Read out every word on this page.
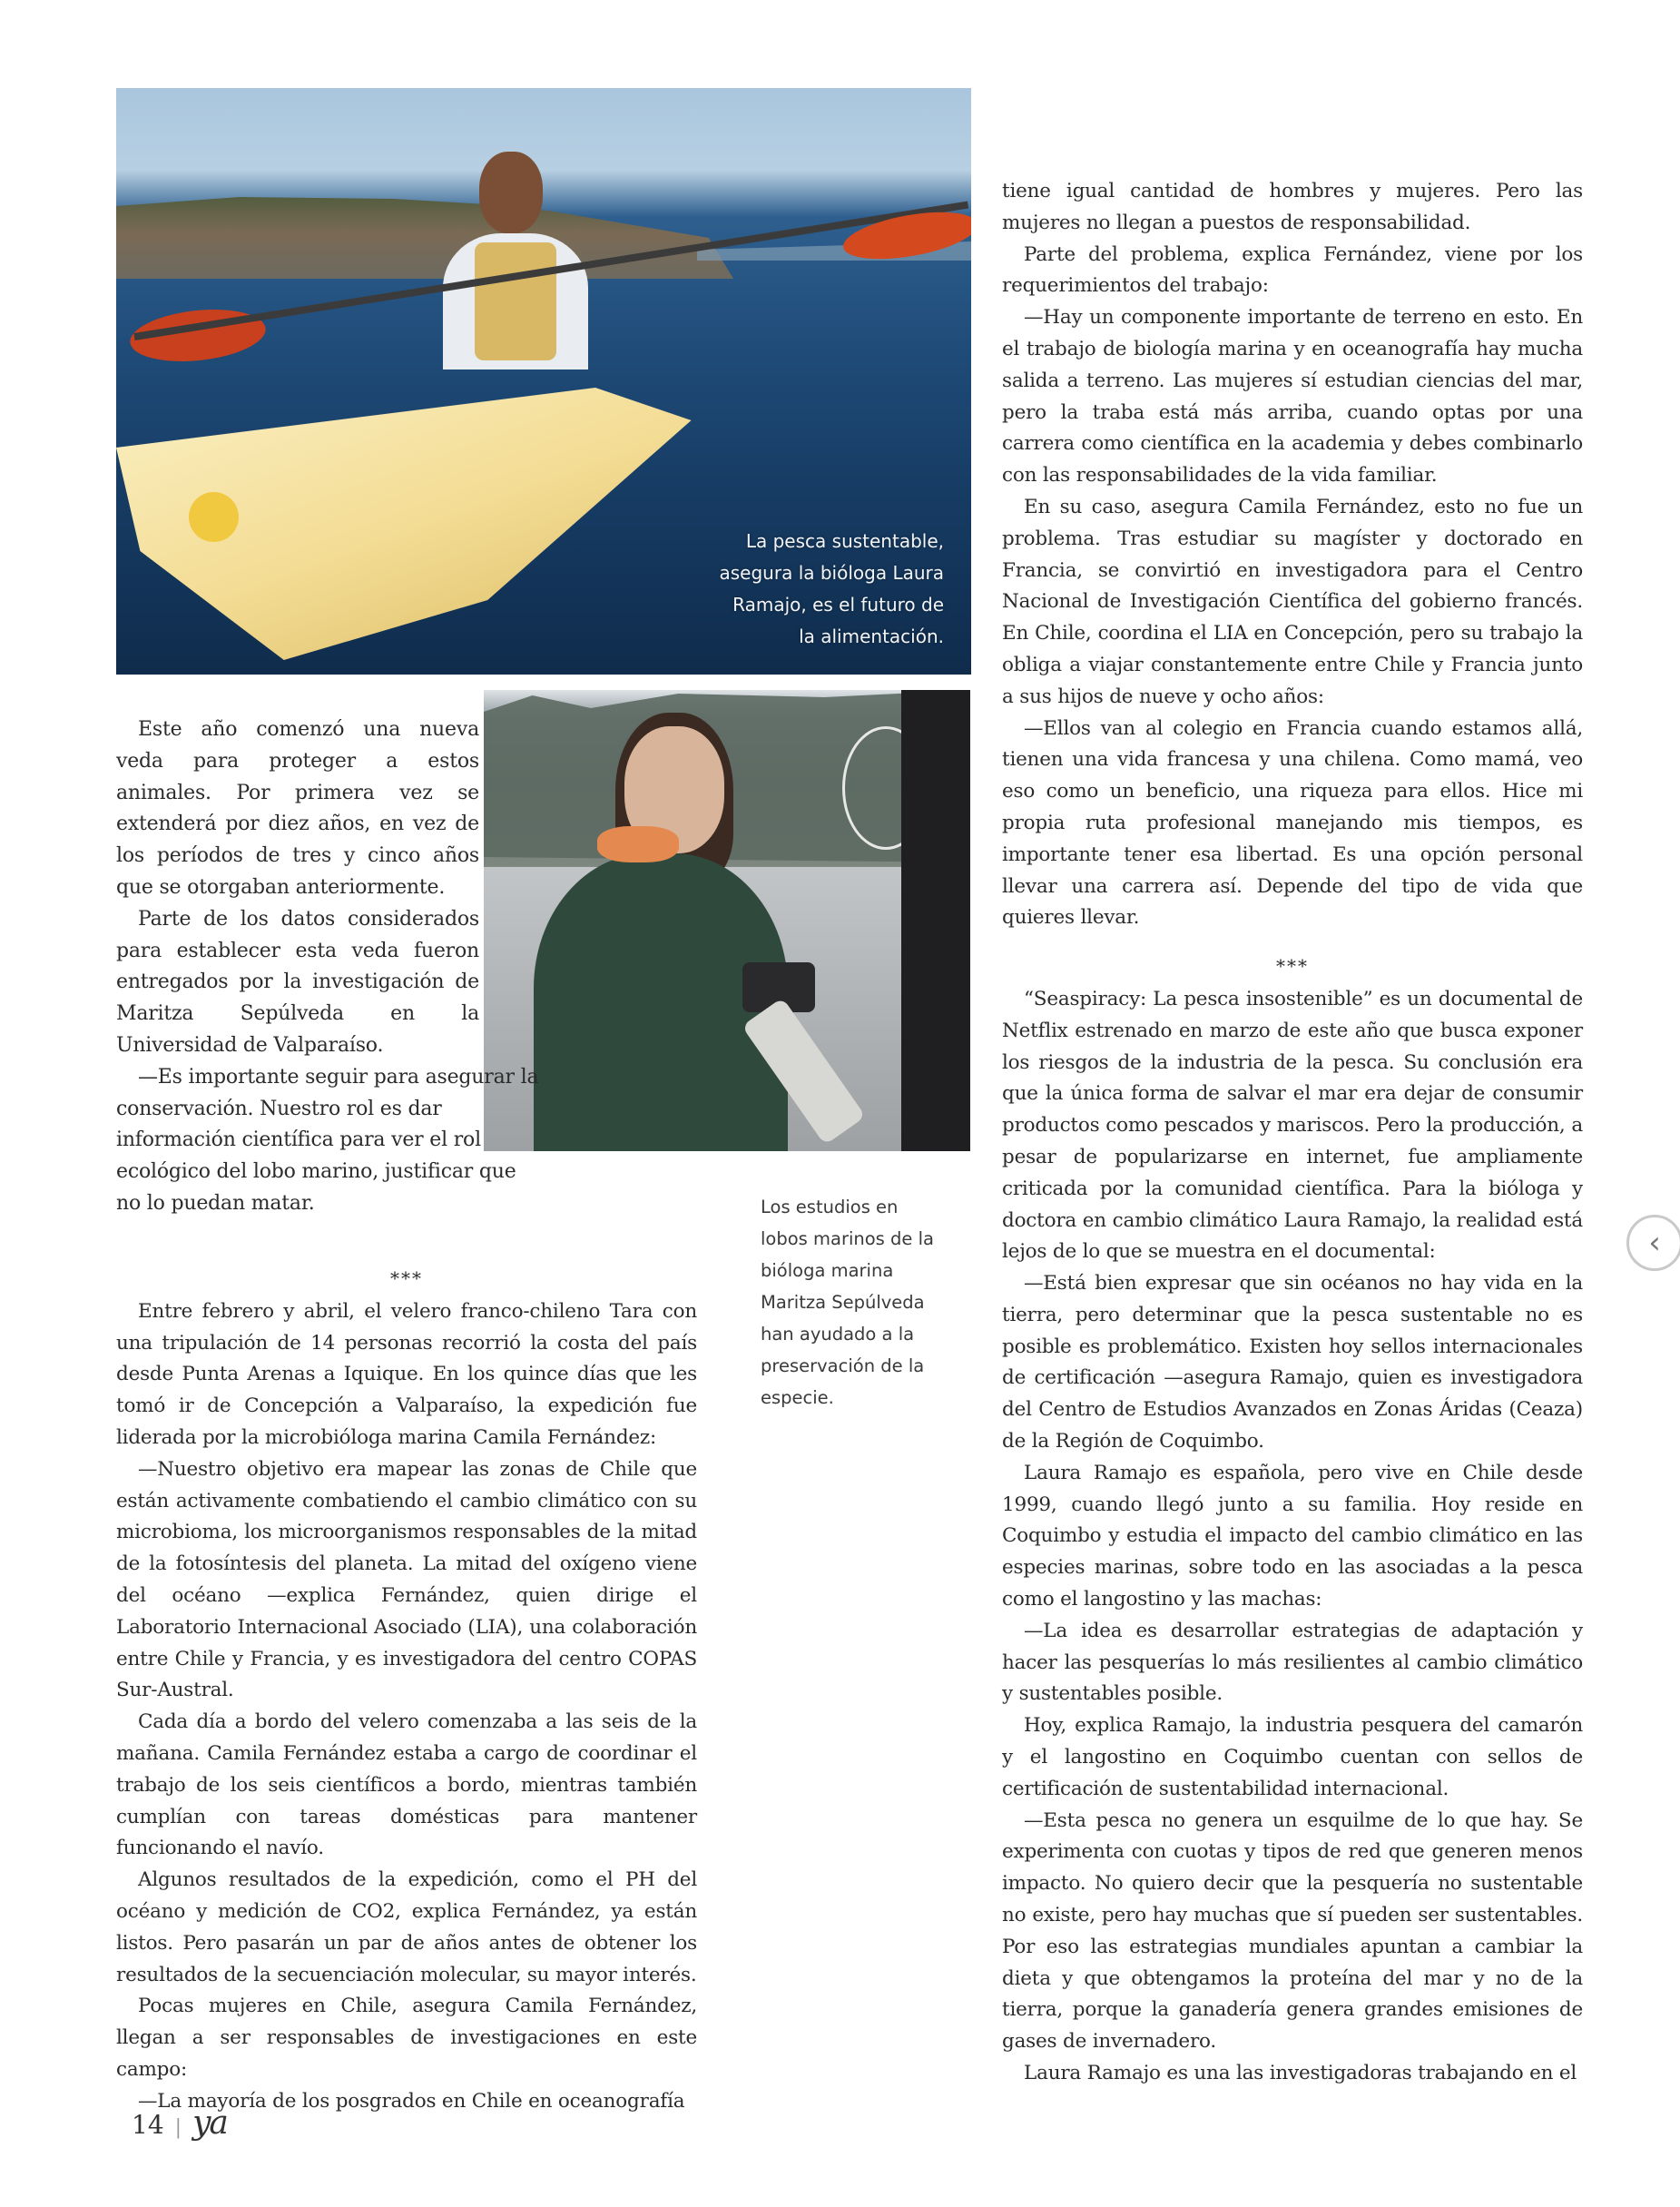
La pesca sustentable,
asegura la bióloga Laura
Ramajo, es el futuro de
la alimentación.
Los estudios en
lobos marinos de la
bióloga marina
Maritza Sepúlveda
han ayudado a la
preservación de la
especie.

Este año comenzó una nueva veda para proteger a estos animales. Por primera vez se extenderá por diez años, en vez de los períodos de tres y cinco años que se otorgaban anteriormente.

Parte de los datos considerados para establecer esta veda fueron entregados por la investigación de Maritza Sepúlveda en la Universidad de Valparaíso.

—Es importante seguir para asegurar la conservación. Nuestro rol es dar información científica para ver el rol ecológico del lobo marino, justificar que no lo puedan matar.

***

Entre febrero y abril, el velero franco-chileno Tara con una tripulación de 14 personas recorrió la costa del país desde Punta Arenas a Iquique. En los quince días que les tomó ir de Concepción a Valparaíso, la expedición fue liderada por la microbióloga marina Camila Fernández:

—Nuestro objetivo era mapear las zonas de Chile que están activamente combatiendo el cambio climático con su microbioma, los microorganismos responsables de la mitad de la fotosíntesis del planeta. La mitad del oxígeno viene del océano —explica Fernández, quien dirige el Laboratorio Internacional Asociado (LIA), una colaboración entre Chile y Francia, y es investigadora del centro COPAS Sur-Austral.

Cada día a bordo del velero comenzaba a las seis de la mañana. Camila Fernández estaba a cargo de coordinar el trabajo de los seis científicos a bordo, mientras también cumplían con tareas domésticas para mantener funcionando el navío.

Algunos resultados de la expedición, como el PH del océano y medición de CO2, explica Fernández, ya están listos. Pero pasarán un par de años antes de obtener los resultados de la secuenciación molecular, su mayor interés.

Pocas mujeres en Chile, asegura Camila Fernández, llegan a ser responsables de investigaciones en este campo:

—La mayoría de los posgrados en Chile en oceanografía

tiene igual cantidad de hombres y mujeres. Pero las mujeres no llegan a puestos de responsabilidad.

Parte del problema, explica Fernández, viene por los requerimientos del trabajo:

—Hay un componente importante de terreno en esto. En el trabajo de biología marina y en oceanografía hay mucha salida a terreno. Las mujeres sí estudian ciencias del mar, pero la traba está más arriba, cuando optas por una carrera como científica en la academia y debes combinarlo con las responsabilidades de la vida familiar.

En su caso, asegura Camila Fernández, esto no fue un problema. Tras estudiar su magíster y doctorado en Francia, se convirtió en investigadora para el Centro Nacional de Investigación Científica del gobierno francés. En Chile, coordina el LIA en Concepción, pero su trabajo la obliga a viajar constantemente entre Chile y Francia junto a sus hijos de nueve y ocho años:

—Ellos van al colegio en Francia cuando estamos allá, tienen una vida francesa y una chilena. Como mamá, veo eso como un beneficio, una riqueza para ellos. Hice mi propia ruta profesional manejando mis tiempos, es importante tener esa libertad. Es una opción personal llevar una carrera así. Depende del tipo de vida que quieres llevar.

***

“Seaspiracy: La pesca insostenible” es un documental de Netflix estrenado en marzo de este año que busca exponer los riesgos de la industria de la pesca. Su conclusión era que la única forma de salvar el mar era dejar de consumir productos como pescados y mariscos. Pero la producción, a pesar de popularizarse en internet, fue ampliamente criticada por la comunidad científica. Para la bióloga y doctora en cambio climático Laura Ramajo, la realidad está lejos de lo que se muestra en el documental:

—Está bien expresar que sin océanos no hay vida en la tierra, pero determinar que la pesca sustentable no es posible es problemático. Existen hoy sellos internacionales de certificación —asegura Ramajo, quien es investigadora del Centro de Estudios Avanzados en Zonas Áridas (Ceaza) de la Región de Coquimbo.

Laura Ramajo es española, pero vive en Chile desde 1999, cuando llegó junto a su familia. Hoy reside en Coquimbo y estudia el impacto del cambio climático en las especies marinas, sobre todo en las asociadas a la pesca como el langostino y las machas:

—La idea es desarrollar estrategias de adaptación y hacer las pesquerías lo más resilientes al cambio climático y sustentables posible.

Hoy, explica Ramajo, la industria pesquera del camarón y el langostino en Coquimbo cuentan con sellos de certificación de sustentabilidad internacional.

—Esta pesca no genera un esquilme de lo que hay. Se experimenta con cuotas y tipos de red que generen menos impacto. No quiero decir que la pesquería no sustentable no existe, pero hay muchas que sí pueden ser sustentables. Por eso las estrategias mundiales apuntan a cambiar la dieta y que obtengamos la proteína del mar y no de la tierra, porque la ganadería genera grandes emisiones de gases de invernadero.

Laura Ramajo es una las investigadoras trabajando en el

14 | ya
‹
